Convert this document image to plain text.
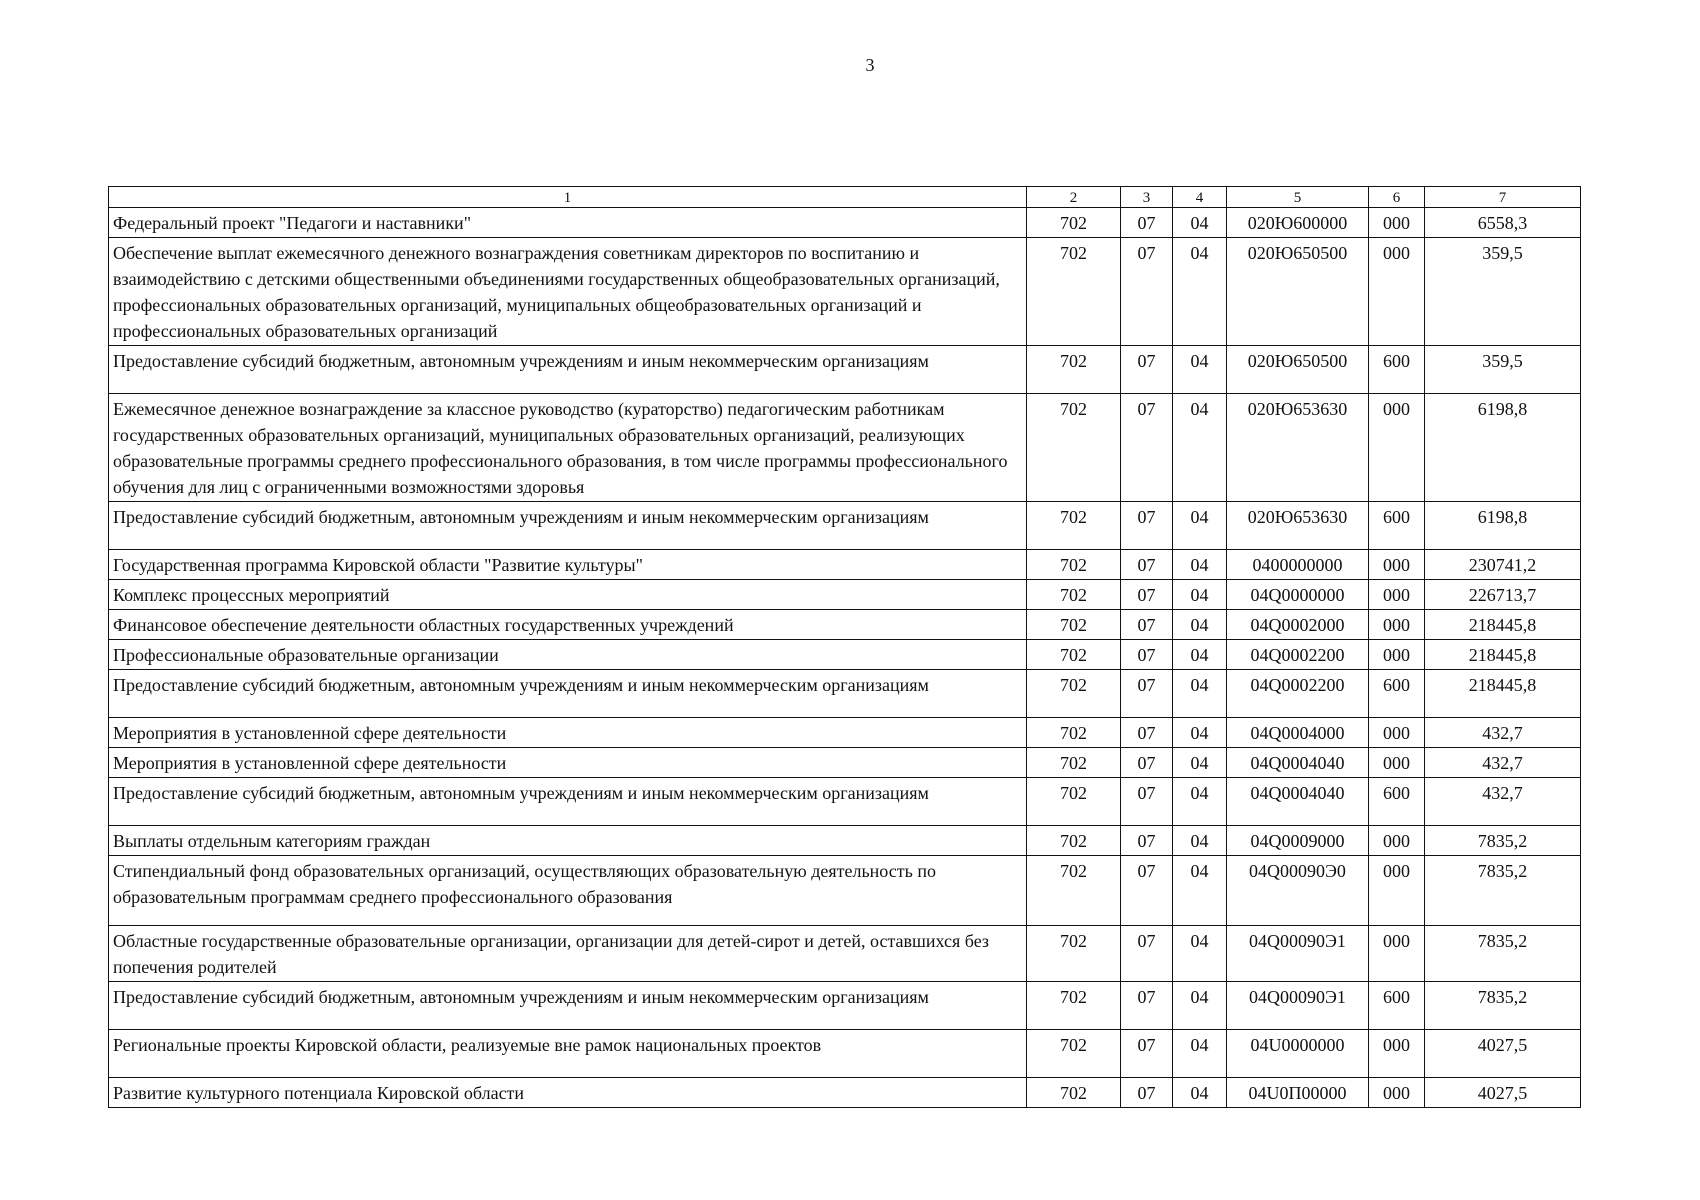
3
1	2	3	4	5	6	7
Федеральный проект "Педагоги и наставники"	702	07	04	020Ю600000	000	6558,3
Обеспечение выплат ежемесячного денежного вознаграждения советникам директоров по воспитанию и взаимодействию с детскими общественными объединениями государственных общеобразовательных организаций, профессиональных образовательных организаций, муниципальных общеобразовательных организаций и профессиональных образовательных организаций	702	07	04	020Ю650500	000	359,5
Предоставление субсидий бюджетным, автономным учреждениям и иным некоммерческим организациям	702	07	04	020Ю650500	600	359,5
Ежемесячное денежное вознаграждение за классное руководство (кураторство) педагогическим работникам государственных образовательных организаций, муниципальных образовательных организаций, реализующих образовательные программы среднего профессионального образования, в том числе программы профессионального обучения для лиц с ограниченными возможностями здоровья	702	07	04	020Ю653630	000	6198,8
Предоставление субсидий бюджетным, автономным учреждениям и иным некоммерческим организациям	702	07	04	020Ю653630	600	6198,8
Государственная программа Кировской области "Развитие культуры"	702	07	04	0400000000	000	230741,2
Комплекс процессных мероприятий	702	07	04	04Q0000000	000	226713,7
Финансовое обеспечение деятельности областных государственных учреждений	702	07	04	04Q0002000	000	218445,8
Профессиональные образовательные организации	702	07	04	04Q0002200	000	218445,8
Предоставление субсидий бюджетным, автономным учреждениям и иным некоммерческим организациям	702	07	04	04Q0002200	600	218445,8
Мероприятия в установленной сфере деятельности	702	07	04	04Q0004000	000	432,7
Мероприятия в установленной сфере деятельности	702	07	04	04Q0004040	000	432,7
Предоставление субсидий бюджетным, автономным учреждениям и иным некоммерческим организациям	702	07	04	04Q0004040	600	432,7
Выплаты отдельным категориям граждан	702	07	04	04Q0009000	000	7835,2
Стипендиальный фонд образовательных организаций, осуществляющих образовательную деятельность по образовательным программам среднего профессионального образования	702	07	04	04Q00090Э0	000	7835,2
Областные государственные образовательные организации, организации для детей-сирот и детей, оставшихся без попечения родителей	702	07	04	04Q00090Э1	000	7835,2
Предоставление субсидий бюджетным, автономным учреждениям и иным некоммерческим организациям	702	07	04	04Q00090Э1	600	7835,2
Региональные проекты Кировской области, реализуемые вне рамок национальных проектов	702	07	04	04U0000000	000	4027,5
Развитие культурного потенциала Кировской области	702	07	04	04U0П00000	000	4027,5
